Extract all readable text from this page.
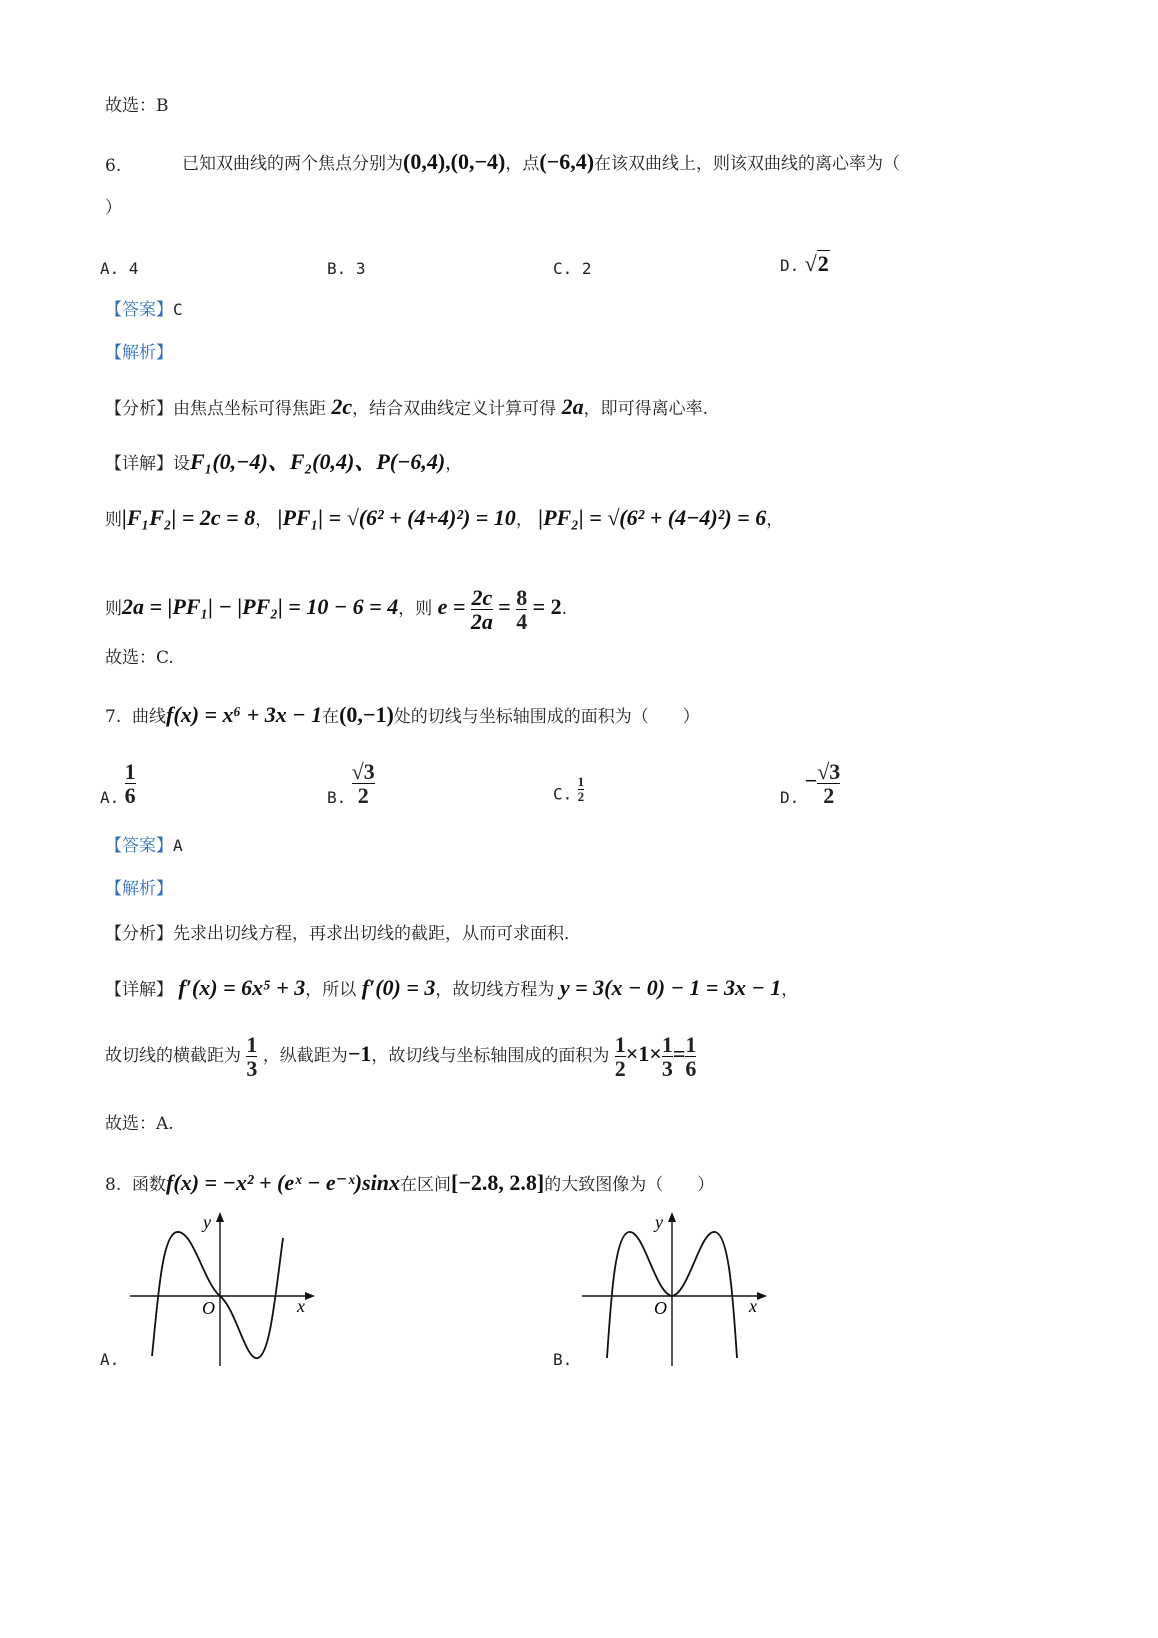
故选：B
6.	已知双曲线的两个焦点分别为(0,4),(0,−4)，点(−6,4)在该双曲线上，则该双曲线的离心率为（
）
A. 4	B. 3	C. 2	D. √2
【答案】C
【解析】
【分析】由焦点坐标可得焦距 2c，结合双曲线定义计算可得 2a，即可得离心率.
【详解】设F₁(0,−4)、F₂(0,4)、P(−6,4)，
则|F₁F₂| = 2c = 8， |PF₁| = √(6² + (4+4)²) = 10， |PF₂| = √(6² + (4−4)²) = 6，
则2a = |PF₁| − |PF₂| = 10 − 6 = 4，则 $e = \frac{2c}{2a} = \frac{8}{4} = 2$.
故选：C.
7. 曲线f(x) = x⁶ + 3x − 1在(0,−1)处的切线与坐标轴围成的面积为（　　）
A. $\frac{1}{6}$	B. $\frac{√3}{2}$	C. $\frac{1}{2}$	D. − $\frac{√3}{2}$
【答案】A
【解析】
【分析】先求出切线方程，再求出切线的截距，从而可求面积．
【详解】 f′(x) = 6x⁵ + 3，所以 f′(0) = 3，故切线方程为 y = 3(x − 0) − 1 = 3x − 1，
故切线的横截距为 $\frac{1}{3}$ ，纵截距为−1，故切线与坐标轴围成的面积为 $\frac{1}{2} \times 1\times \frac{1}{3} = \frac{1}{6}$
故选：A.
8. 函数f(x) = −x² + (eˣ − e⁻ˣ)sinx在区间[−2.8, 2.8]的大致图像为（　　）
O	x
y
A.
O	x
y
B.
